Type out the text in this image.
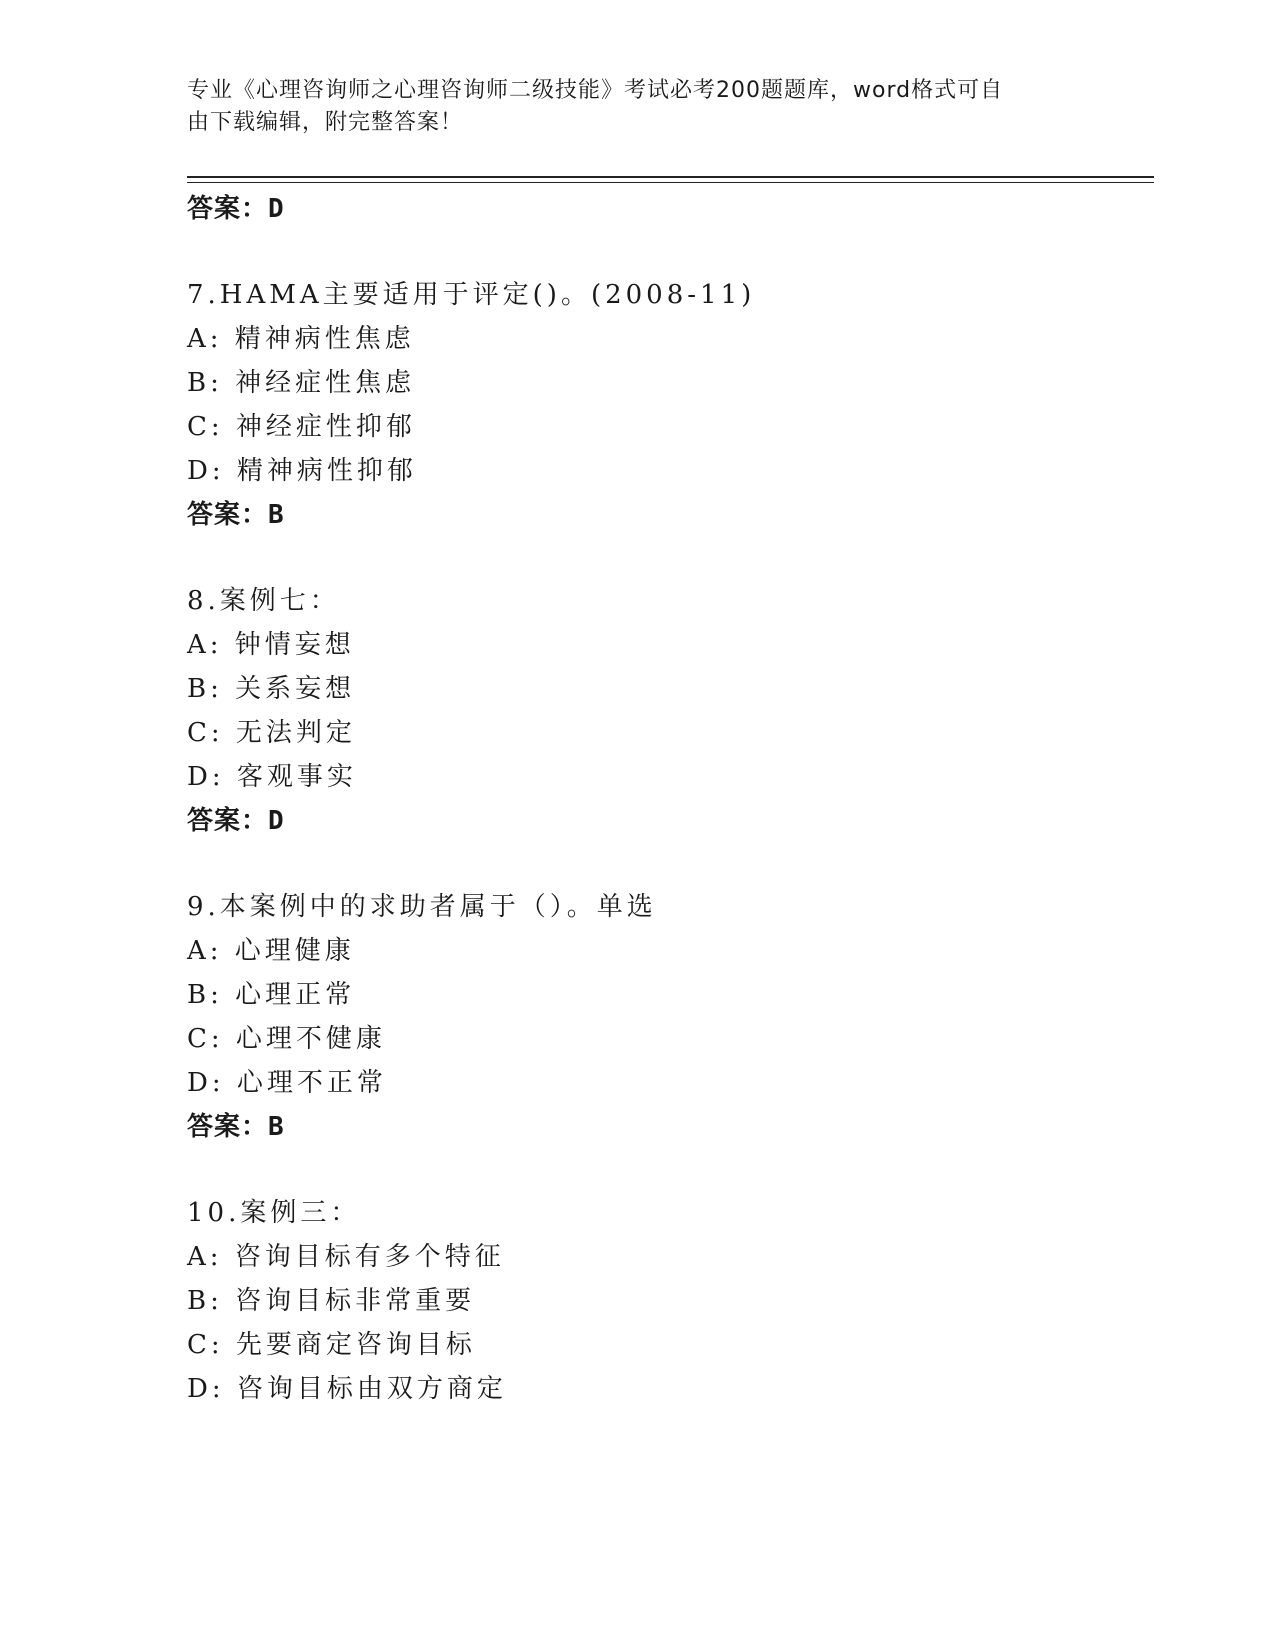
专业《心理咨询师之心理咨询师二级技能》考试必考200题题库，word格式可自
由下载编辑，附完整答案！
答案：D
7.HAMA主要适用于评定()。(2008-11)
A: 精神病性焦虑
B: 神经症性焦虑
C: 神经症性抑郁
D: 精神病性抑郁
答案：B
8.案例七：
A: 钟情妄想
B: 关系妄想
C: 无法判定
D: 客观事实
答案：D
9.本案例中的求助者属于（）。单选
A: 心理健康
B: 心理正常
C: 心理不健康
D: 心理不正常
答案：B
10.案例三：
A: 咨询目标有多个特征
B: 咨询目标非常重要
C: 先要商定咨询目标
D: 咨询目标由双方商定
